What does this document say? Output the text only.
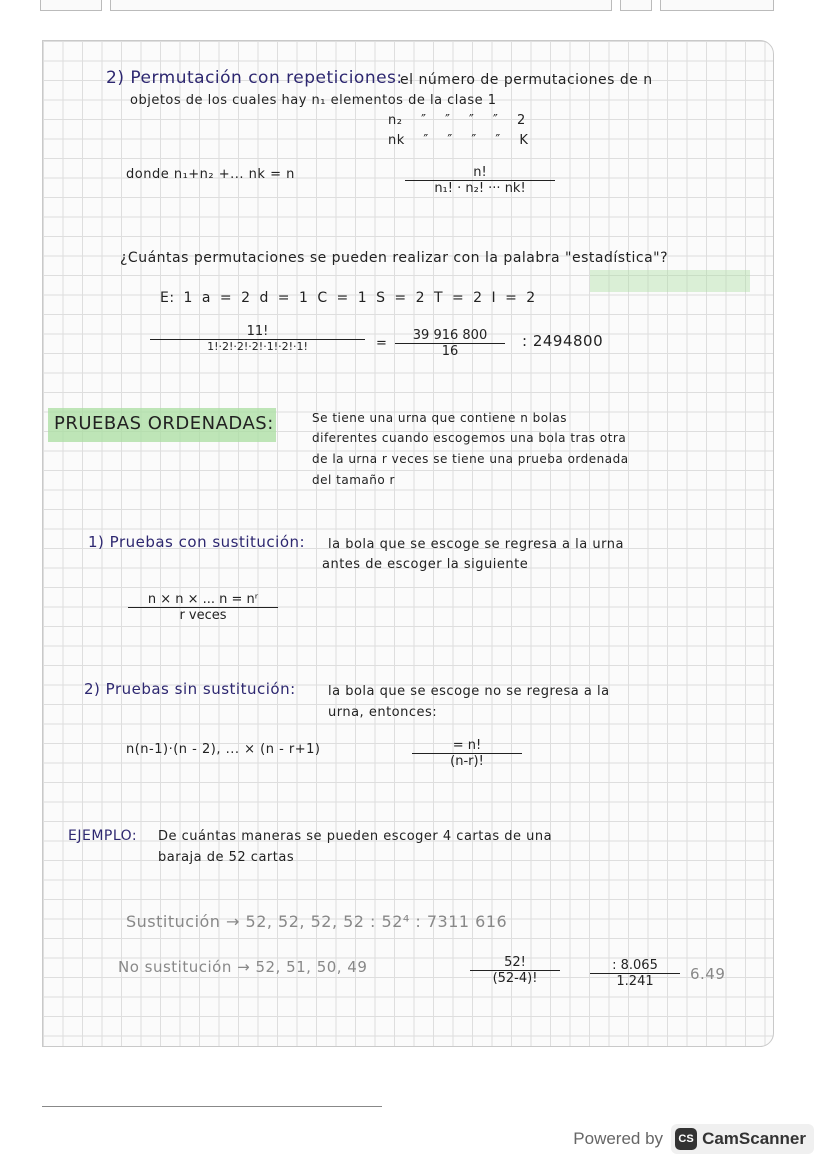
2) Permutación con repeticiones:
el número de permutaciones de n
objetos de los cuales hay n₁ elementos de la clase 1
n₂ ″ ″ ″ ″ 2
nk ″ ″ ″ ″ K
donde n₁+n₂ +... nk = n	$\frac{n!}{\text{n₁! · n₂! ··· nk!}}$
¿Cuántas permutaciones se pueden realizar con la palabra "estadística"?
E: 1 a = 2 d = 1 C = 1 S = 2 T = 2 I = 2
11!
1!·2!·2!·2!·1!·2!·1!	= $\frac{39 916 800}{16}$ : 2494800
PRUEBAS ORDENADAS:	Se tiene una urna que contiene n bolas
diferentes cuando escogemos una bola tras otra
de la urna r veces se tiene una prueba ordenada
del tamaño r
1) Pruebas con sustitución: la bola que se escoge se regresa a la urna
antes de escoger la siguiente
n × n × ... n = nʳ
r veces
2) Pruebas sin sustitución: la bola que se escoge no se regresa a la
urna, entonces:
n(n-1)·(n - 2), ... × (n - r+1)	$\frac{= n!}{(n-r)!}$
EJEMPLO: De cuántas maneras se pueden escoger 4 cartas de una
baraja de 52 cartas
Sustitución → 52, 52, 52, 52 : 52⁴ : 7311 616
No sustitución → 52, 51, 50, 49	$\frac{52!}{(52-4)!} \frac{: 8.065}{1.241} 6.49$
Powered by	CS CamScanner
